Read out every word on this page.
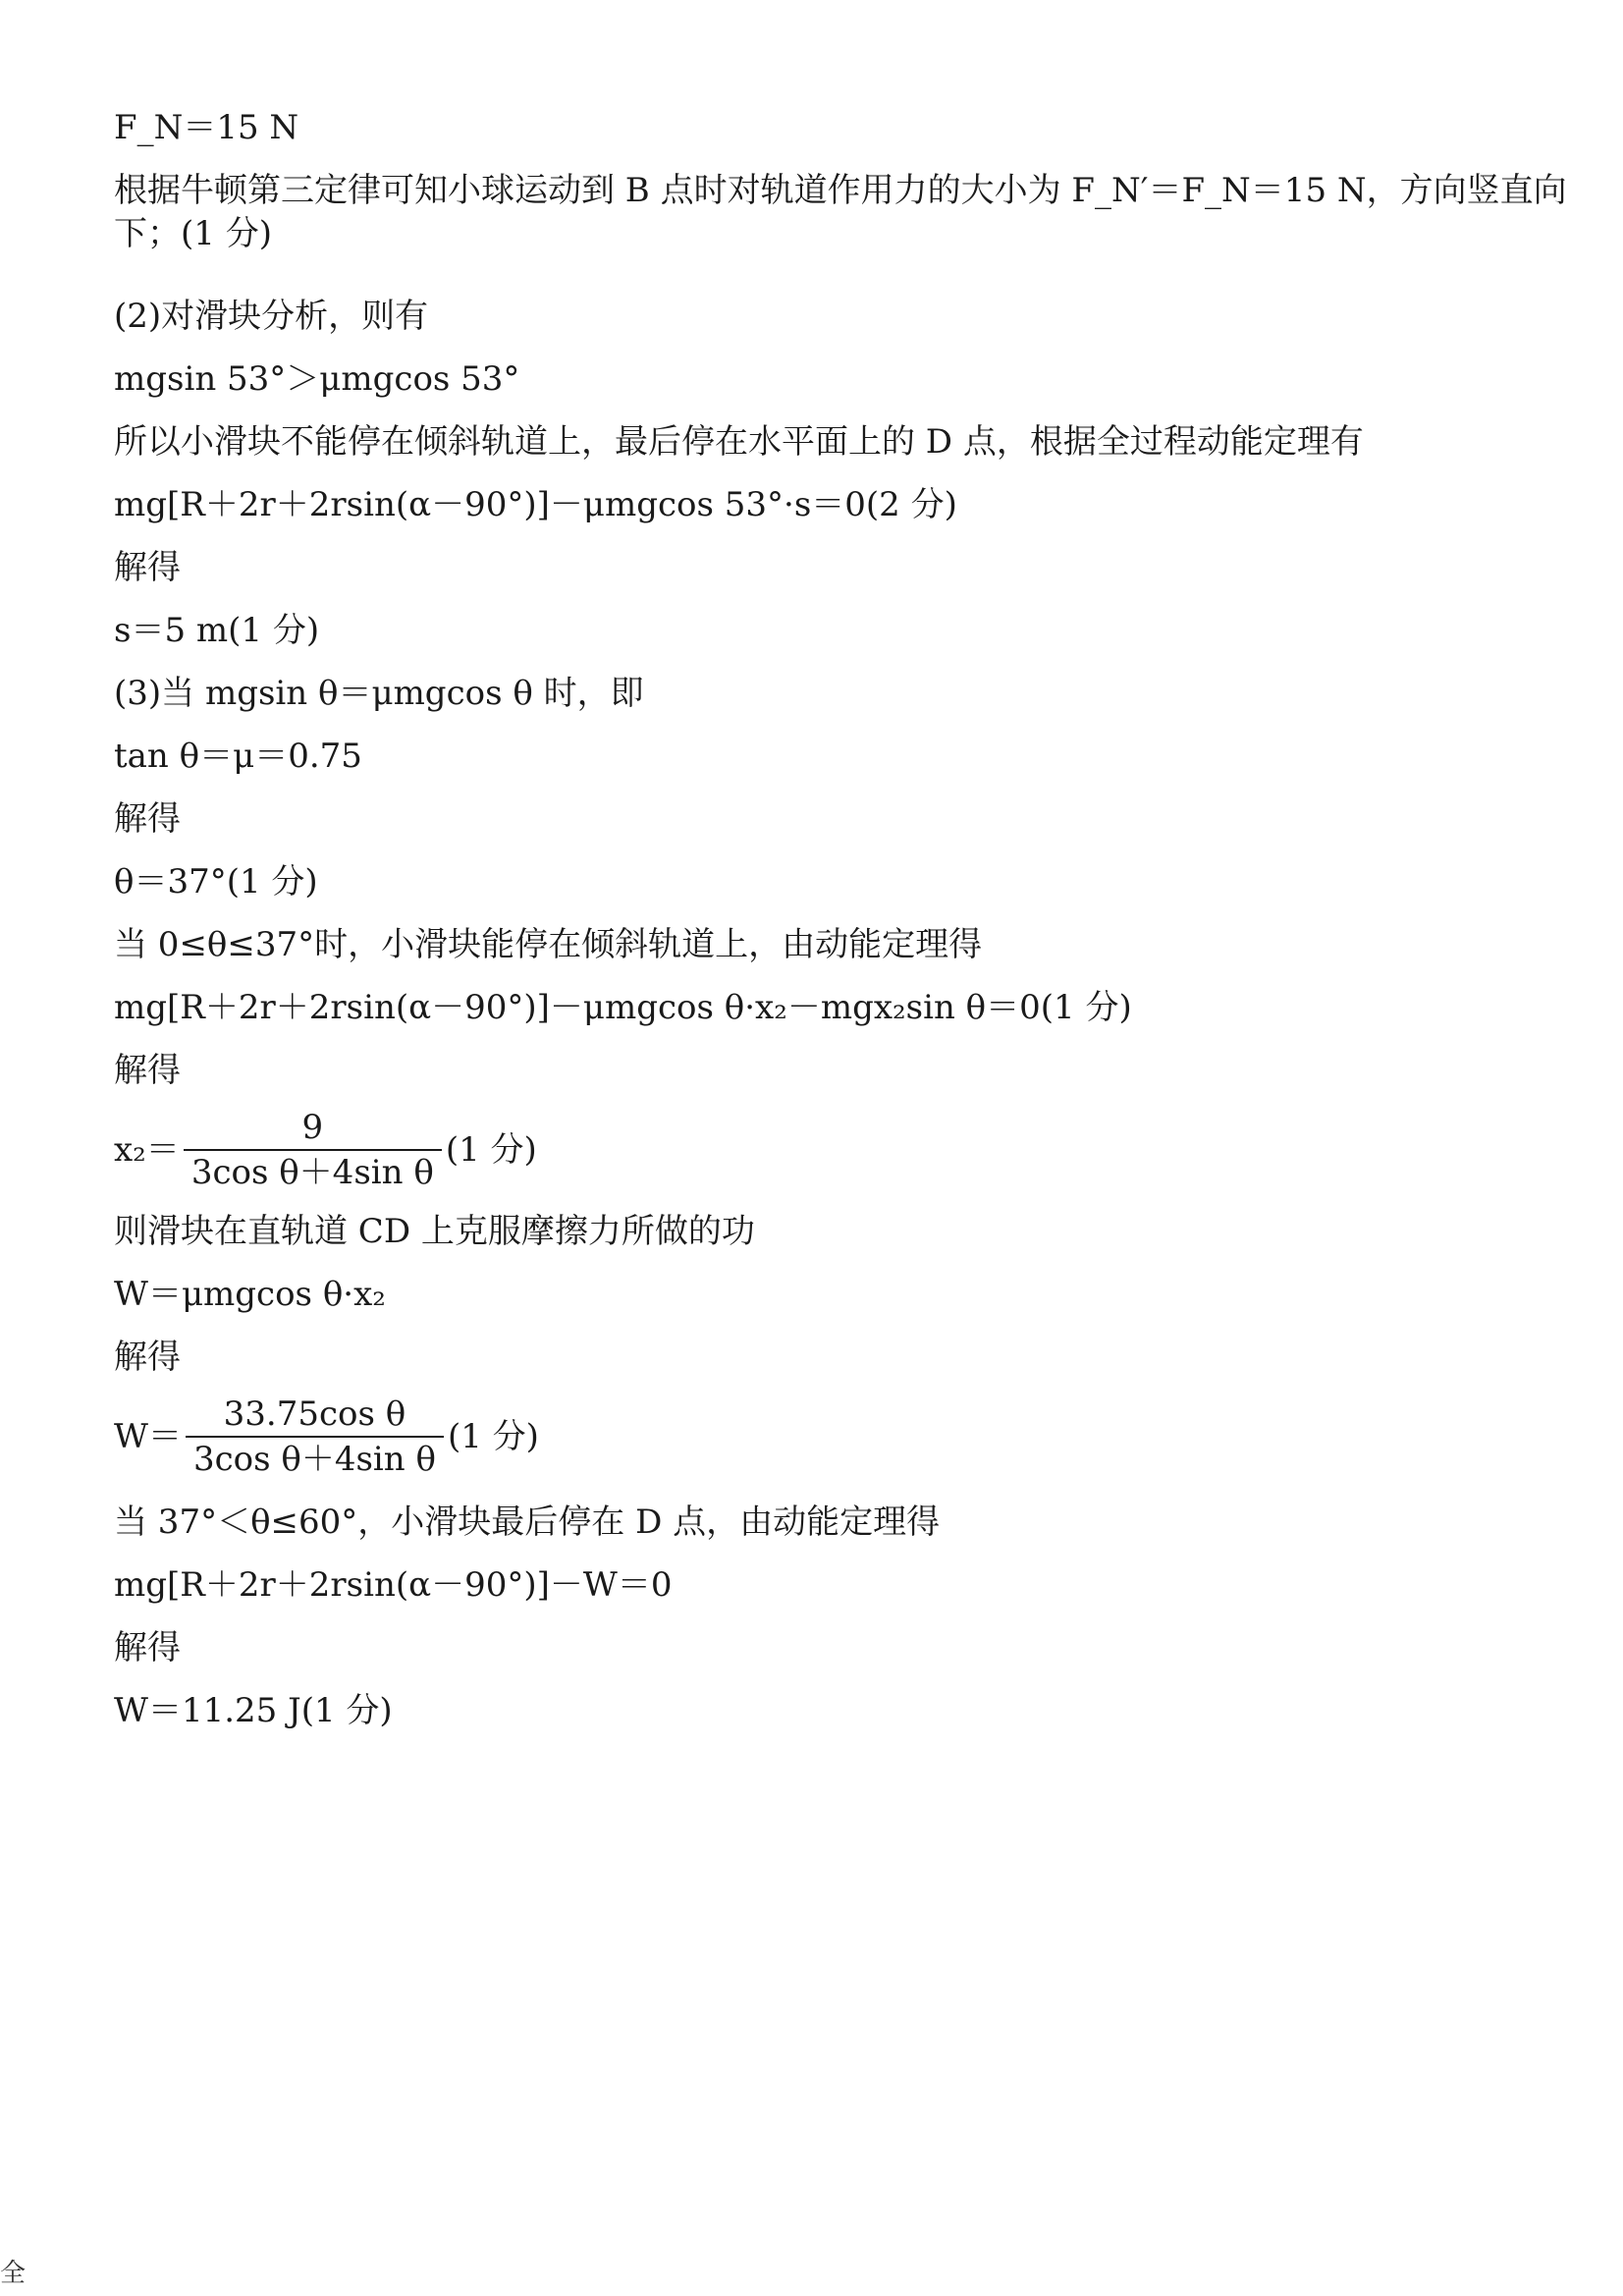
F_N＝15 N
根据牛顿第三定律可知小球运动到 B 点时对轨道作用力的大小为 F_N′＝F_N＝15 N，方向竖直向下；(1 分)
(2)对滑块分析，则有
mgsin 53°＞μmgcos 53°
所以小滑块不能停在倾斜轨道上，最后停在水平面上的 D 点，根据全过程动能定理有
mg[R＋2r＋2rsin(α－90°)]－μmgcos 53°·s＝0(2 分)
解得
s＝5 m(1 分)
(3)当 mgsin θ＝μmgcos θ 时，即
tan θ＝μ＝0.75
解得
θ＝37°(1 分)
当 0≤θ≤37°时，小滑块能停在倾斜轨道上，由动能定理得
mg[R＋2r＋2rsin(α－90°)]－μmgcos θ·x₂－mgx₂sin θ＝0(1 分)
解得
$x_2= \frac{9}{\text{3cos θ＋4sin θ}} (1$ 分)
则滑块在直轨道 CD 上克服摩擦力所做的功
W＝μmgcos θ·x₂
解得
$W= \frac{\text{33.75cos θ}}{\text{3cos θ＋4sin θ}} (1$ 分)
当 37°＜θ≤60°，小滑块最后停在 D 点，由动能定理得
mg[R＋2r＋2rsin(α－90°)]－W＝0
解得
W＝11.25 J(1 分)
全
